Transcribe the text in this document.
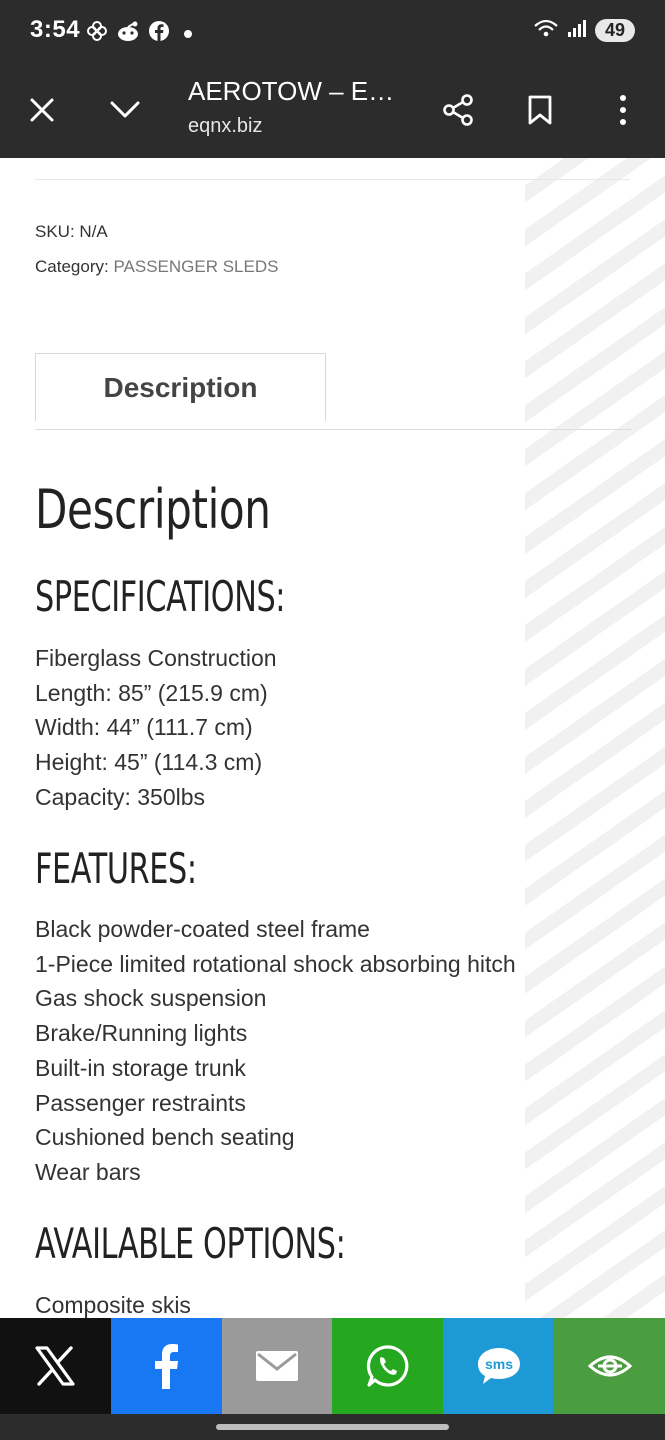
3:54	49
AEROTOW – E…
eqnx.biz
SKU: N/A
Category: PASSENGER SLEDS
Description
Description
SPECIFICATIONS:
Fiberglass Construction
Length: 85” (215.9 cm)
Width: 44” (111.7 cm)
Height: 45” (114.3 cm)
Capacity: 350lbs
FEATURES:
Black powder-coated steel frame
1-Piece limited rotational shock absorbing hitch
Gas shock suspension
Brake/Running lights
Built-in storage trunk
Passenger restraints
Cushioned bench seating
Wear bars
AVAILABLE OPTIONS:
Composite skis
sms
